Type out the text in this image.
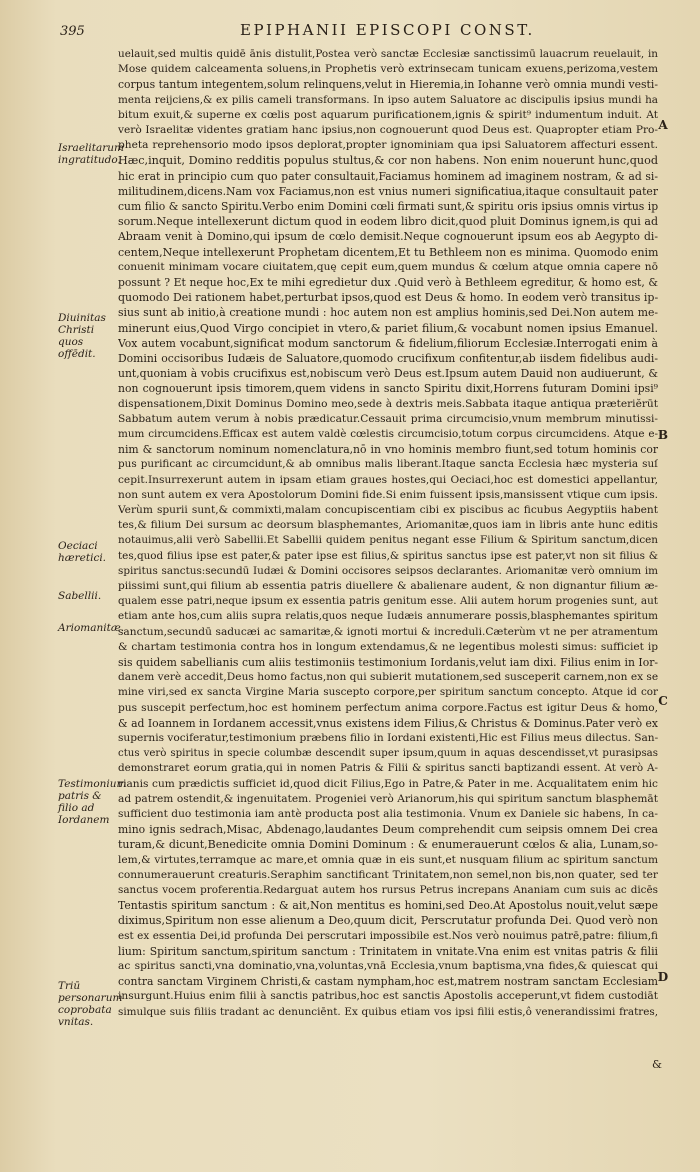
395	EPIPHANII EPISCOPI CONST.
uelauit,sed multis quidē ānis distulit,Postea verò sanctæ Ecclesiæ sanctissimū lauacrum reuelauit, in
Mose quidem calceamenta soluens,in Prophetis verò extrinsecam tunicam exuens,perizoma,vestem
corpus tantum integentem,solum relinquens,velut in Hieremia,in Iohanne verò omnia mundi vesti-
menta reijciens,& ex pilis cameli transformans. In ipso autem Saluatore ac discipulis ipsius mundi ha
bitum exuit,& superne ex cœlis post aquarum purificationem,ignis & spirit⁹ indumentum induit. At
verò Israelitæ videntes gratiam hanc ipsius,non cognouerunt quod Deus est. Quapropter etiam Pro-
pheta reprehensorio modo ipsos deplorat,propter ignominiam qua ipsi Saluatorem affecturi essent.
Hæc,inquit, Domino redditis populus stultus,& cor non habens. Non enim nouerunt hunc,quod
hic erat in principio cum quo pater consultauit,Faciamus hominem ad imaginem nostram, & ad si-
militudinem,dicens.Nam vox Faciamus,non est vnius numeri significatiua,itaque consultauit pater
cum filio & sancto Spiritu.Verbo enim Domini cœli firmati sunt,& spiritu oris ipsius omnis virtus ip
sorum.Neque intellexerunt dictum quod in eodem libro dicit,quod pluit Dominus ignem,is qui ad
Abraam venit à Domino,qui ipsum de cœlo demisit.Neque cognouerunt ipsum eos ab Aegypto di-
centem,Neque intellexerunt Prophetam dicentem,Et tu Bethleem non es minima. Quomodo enim
conuenit minimam vocare ciuitatem,quę cepit eum,quem mundus & cœlum atque omnia capere nō
possunt ? Et neque hoc,Ex te mihi egredietur dux .Quid verò à Bethleem egreditur, & homo est, &
quomodo Dei rationem habet,perturbat ipsos,quod est Deus & homo. In eodem verò transitus ip-
sius sunt ab initio,à creatione mundi : hoc autem non est amplius hominis,sed Dei.Non autem me-
minerunt eius,Quod Virgo concipiet in vtero,& pariet filium,& vocabunt nomen ipsius Emanuel.
Vox autem vocabunt,significat modum sanctorum & fidelium,filiorum Ecclesiæ.Interrogati enim à
Domini occisoribus Iudæis de Saluatore,quomodo crucifixum confitentur,ab iisdem fidelibus audi-
unt,quoniam à vobis crucifixus est,nobiscum verò Deus est.Ipsum autem Dauid non audiuerunt, &
non cognouerunt ipsis timorem,quem videns in sancto Spiritu dixit,Horrens futuram Domini ipsi⁹
dispensationem,Dixit Dominus Domino meo,sede à dextris meis.Sabbata itaque antiqua præteriĕrūt
Sabbatum autem verum à nobis prædicatur.Cessauit prima circumcisio,vnum membrum minutissi-
mum circumcidens.Efficax est autem valdè cœlestis circumcisio,totum corpus circumcidens. Atque e-
nim & sanctorum nominum nomenclatura,nō in vno hominis membro fiunt,sed totum hominis cor
pus purificant ac circumcidunt,& ab omnibus malis liberant.Itaque sancta Ecclesia hæc mysteria suſ
cepit.Insurrexerunt autem in ipsam etiam graues hostes,qui Oeciaci,hoc est domestici appellantur,
non sunt autem ex vera Apostolorum Domini fide.Si enim fuissent ipsis,mansissent vtique cum ipsis.
Verùm spurii sunt,& commixti,malam concupiscentiam cibi ex piscibus ac ficubus Aegyptiis habent
tes,& filium Dei sursum ac deorsum blasphemantes, Ariomanitæ,quos iam in libris ante hunc editis
notauimus,alii verò Sabellii.Et Sabellii quidem penitus negant esse Filium & Spiritum sanctum,dicen
tes,quod filius ipse est pater,& pater ipse est filius,& spiritus sanctus ipse est pater,vt non sit filius &
spiritus sanctus:secundū Iudæi & Domini occisores seipsos declarantes. Ariomanitæ verò omnium im
piissimi sunt,qui filium ab essentia patris diuellere & abalienare audent, & non dignantur filium æ-
qualem esse patri,neque ipsum ex essentia patris genitum esse. Alii autem horum progenies sunt, aut
etiam ante hos,cum aliis supra relatis,quos neque Iudæis annumerare possis,blasphemantes spiritum
sanctum,secundū saducæi ac samaritæ,& ignoti mortui & increduli.Cæterùm vt ne per atramentum
& chartam testimonia contra hos in longum extendamus,& ne legentibus molesti simus: sufficiet ip
sis quidem sabellianis cum aliis testimoniis testimonium Iordanis,velut iam dixi. Filius enim in Ior-
danem verè accedit,Deus homo factus,non qui subierit mutationem,sed susceperit carnem,non ex se
mine viri,sed ex sancta Virgine Maria suscepto corpore,per spiritum sanctum concepto. Atque id cor
pus suscepit perfectum,hoc est hominem perfectum anima corpore.Factus est igitur Deus & homo,
& ad Ioannem in Iordanem accessit,vnus existens idem Filius,& Christus & Dominus.Pater verò ex
supernis vociferatur,testimonium præbens filio in Iordani existenti,Hic est Filius meus dilectus. San-
ctus verò spiritus in specie columbæ descendit super ipsum,quum in aquas descendisset,vt purasipsas
demonstraret eorum gratia,qui in nomen Patris & Filii & spiritus sancti baptizandi essent. At verò A-
rianis cum prædictis sufficiet id,quod dicit Filius,Ego in Patre,& Pater in me. Acqualitatem enim hic
ad patrem ostendit,& ingenuitatem. Progeniei verò Arianorum,his qui spiritum sanctum blasphemāt
sufficient duo testimonia iam antè producta post alia testimonia. Vnum ex Daniele sic habens, In ca-
mino ignis sedrach,Misac, Abdenago,laudantes Deum comprehendit cum seipsis omnem Dei crea
turam,& dicunt,Benedicite omnia Domini Dominum : & enumerauerunt cœlos & alia, Lunam,so-
lem,& virtutes,terramque ac mare,et omnia quæ in eis sunt,et nusquam filium ac spiritum sanctum
connumerauerunt creaturis.Seraphim sanctificant Trinitatem,non semel,non bis,non quater, sed ter
sanctus vocem proferentia.Redarguat autem hos rursus Petrus increpans Ananiam cum suis ac dicēs
Tentastis spiritum sanctum : & ait,Non mentitus es homini,sed Deo.At Apostolus nouit,velut sæpe
diximus,Spiritum non esse alienum a Deo,quum dicit, Perscrutatur profunda Dei. Quod verò non
est ex essentia Dei,id profunda Dei perscrutari impossibile est.Nos verò nouimus patrē,patre: filium,fi
lium: Spiritum sanctum,spiritum sanctum : Trinitatem in vnitate.Vna enim est vnitas patris & filii
ac spiritus sancti,vna dominatio,vna,voluntas,vnā Ecclesia,vnum baptisma,vna fides,& quiescat qui
contra sanctam Virginem Christi,& castam nympham,hoc est,matrem nostram sanctam Ecclesiam
insurgunt.Huius enim filii à sanctis patribus,hoc est sanctis Apostolis acceperunt,vt fidem custodiāt
simulque suis filiis tradant ac denunciēnt. Ex quibus etiam vos ipsi filii estis,ô venerandissimi fratres,
Israelitarum ingratitudo.
Diuinitas Christi quos offēdit.
Oeciaci hæretici.
Sabellii.
Ariomanitæ.
Testimonium patris & filio ad Iordanem
Triū personarum coprobata vnitas.
A
B
C
D
&
